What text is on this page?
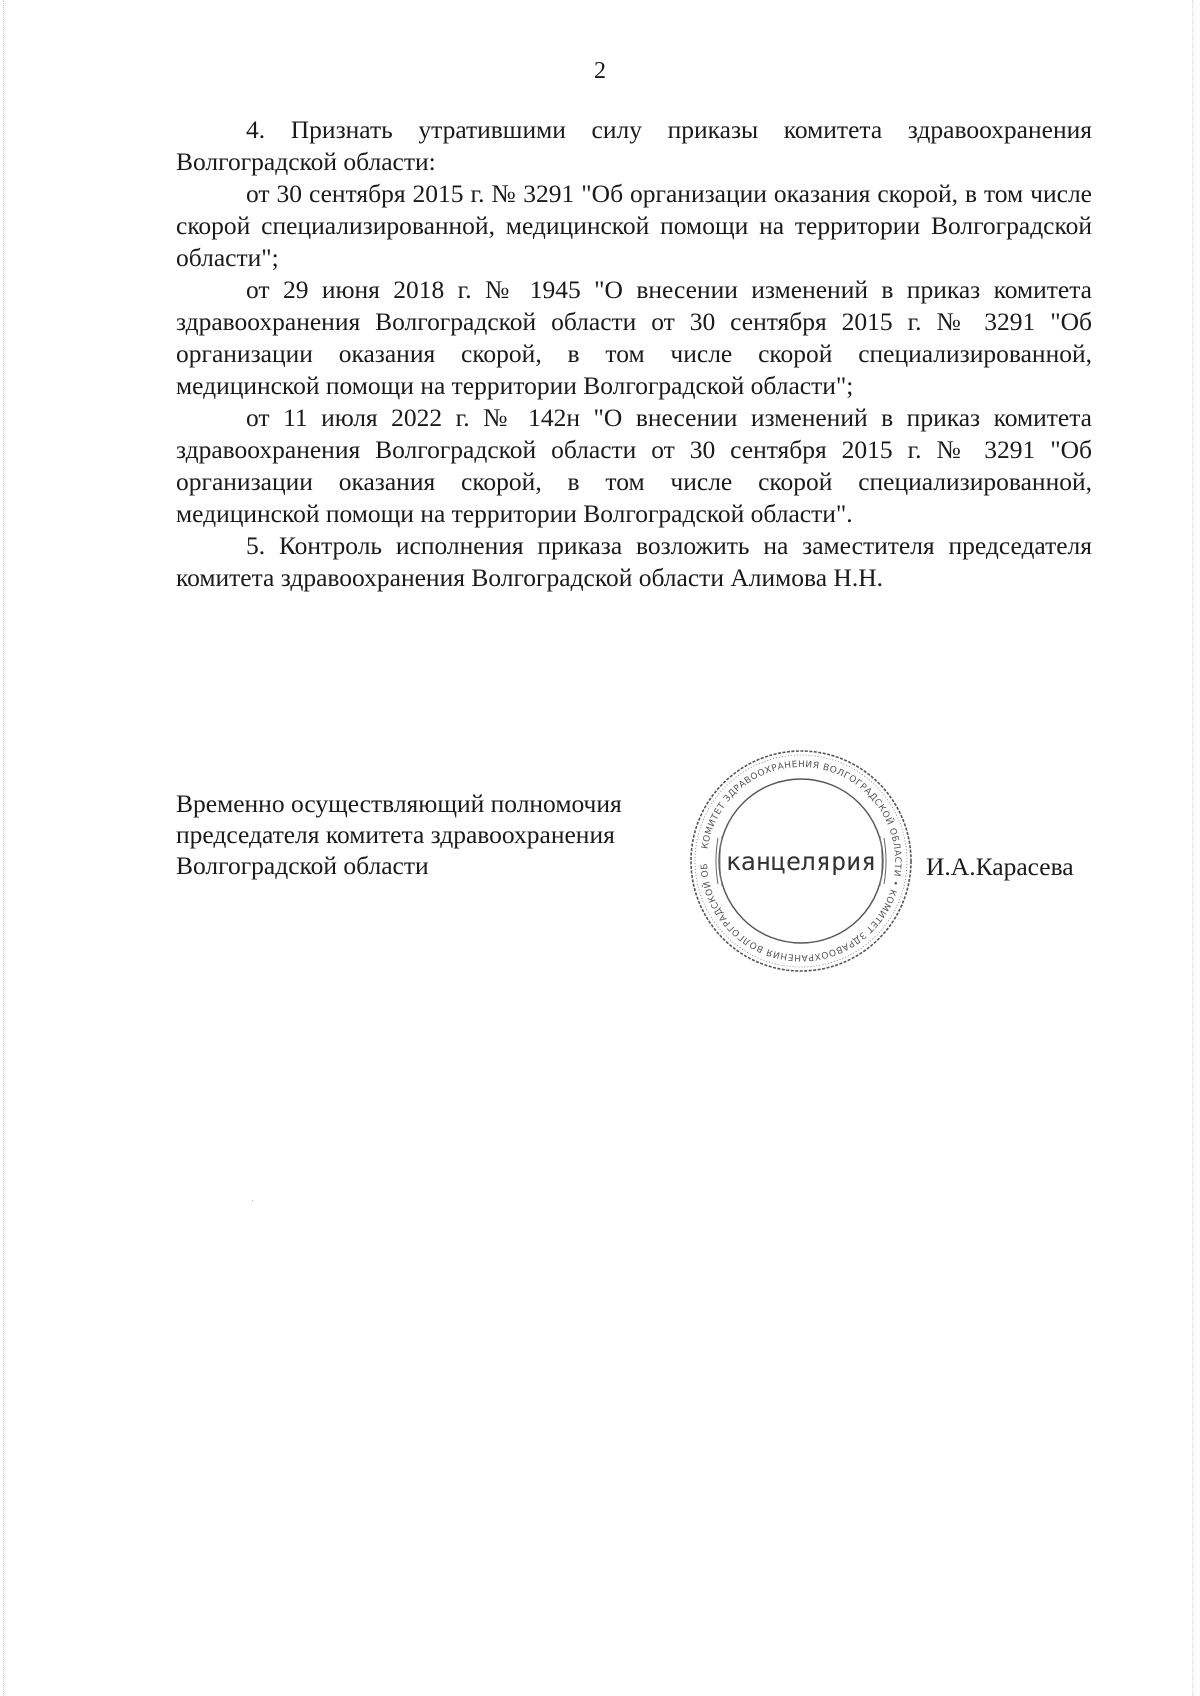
2

4. Признать утратившими силу приказы комитета здравоохранения Волгоградской области:

от 30 сентября 2015 г. № 3291 "Об организации оказания скорой, в том числе скорой специализированной, медицинской помощи на территории Волгоградской области";

от 29 июня 2018 г. № 1945 "О внесении изменений в приказ комитета здравоохранения Волгоградской области от 30 сентября 2015 г. № 3291 "Об организации оказания скорой, в том числе скорой специализированной, медицинской помощи на территории Волгоградской области";

от 11 июля 2022 г. № 142н "О внесении изменений в приказ комитета здравоохранения Волгоградской области от 30 сентября 2015 г. № 3291 "Об организации оказания скорой, в том числе скорой специализированной, медицинской помощи на территории Волгоградской области".

5. Контроль исполнения приказа возложить на заместителя председателя комитета здравоохранения Волгоградской области Алимова Н.Н.

Временно осуществляющий полномочия
председателя комитета здравоохранения
Волгоградской области
КОМИТЕТ ЗДРАВООХРАНЕНИЯ ВОЛГОГРАДСКОЙ ОБЛАСТИ • КОМИТЕТ ЗДРАВООХРАНЕНИЯ ВОЛГОГРАДСКОЙ ОБ канцелярия И.А.Карасева
